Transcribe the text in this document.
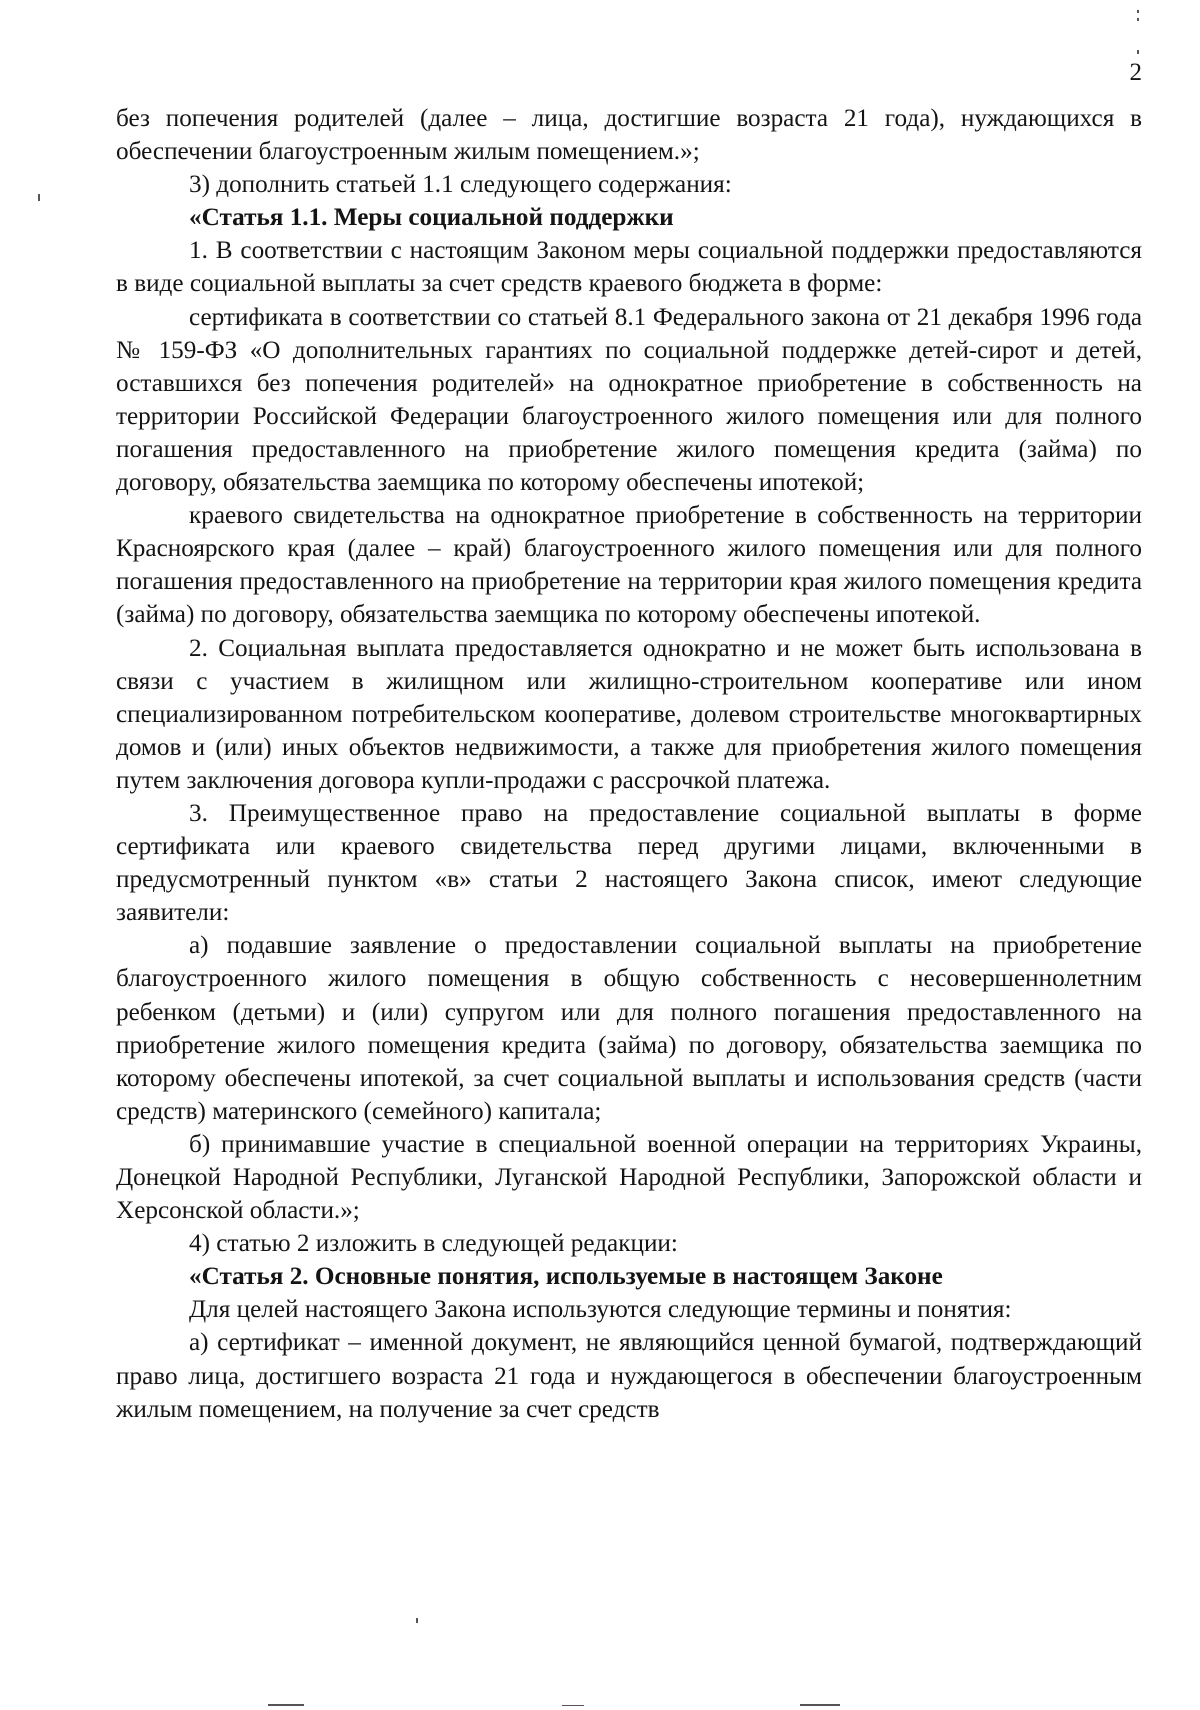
2

без попечения родителей (далее – лица, достигшие возраста 21 года), нуждающихся в обеспечении благоустроенным жилым помещением.»;

3) дополнить статьей 1.1 следующего содержания:

«Статья 1.1. Меры социальной поддержки

1. В соответствии с настоящим Законом меры социальной поддержки предоставляются в виде социальной выплаты за счет средств краевого бюджета в форме:

сертификата в соответствии со статьей 8.1 Федерального закона от 21 декабря 1996 года № 159-ФЗ «О дополнительных гарантиях по социальной поддержке детей-сирот и детей, оставшихся без попечения родителей» на однократное приобретение в собственность на территории Российской Федерации благоустроенного жилого помещения или для полного погашения предоставленного на приобретение жилого помещения кредита (займа) по договору, обязательства заемщика по которому обеспечены ипотекой;

краевого свидетельства на однократное приобретение в собственность на территории Красноярского края (далее – край) благоустроенного жилого помещения или для полного погашения предоставленного на приобретение на территории края жилого помещения кредита (займа) по договору, обязательства заемщика по которому обеспечены ипотекой.

2. Социальная выплата предоставляется однократно и не может быть использована в связи с участием в жилищном или жилищно-строительном кооперативе или ином специализированном потребительском кооперативе, долевом строительстве многоквартирных домов и (или) иных объектов недвижимости, а также для приобретения жилого помещения путем заключения договора купли-продажи с рассрочкой платежа.

3. Преимущественное право на предоставление социальной выплаты в форме сертификата или краевого свидетельства перед другими лицами, включенными в предусмотренный пунктом «в» статьи 2 настоящего Закона список, имеют следующие заявители:

а) подавшие заявление о предоставлении социальной выплаты на приобретение благоустроенного жилого помещения в общую собственность с несовершеннолетним ребенком (детьми) и (или) супругом или для полного погашения предоставленного на приобретение жилого помещения кредита (займа) по договору, обязательства заемщика по которому обеспечены ипотекой, за счет социальной выплаты и использования средств (части средств) материнского (семейного) капитала;

б) принимавшие участие в специальной военной операции на территориях Украины, Донецкой Народной Республики, Луганской Народной Республики, Запорожской области и Херсонской области.»;

4) статью 2 изложить в следующей редакции:

«Статья 2. Основные понятия, используемые в настоящем Законе

Для целей настоящего Закона используются следующие термины и понятия:

а) сертификат – именной документ, не являющийся ценной бумагой, подтверждающий право лица, достигшего возраста 21 года и нуждающегося в обеспечении благоустроенным жилым помещением, на получение за счет средств
